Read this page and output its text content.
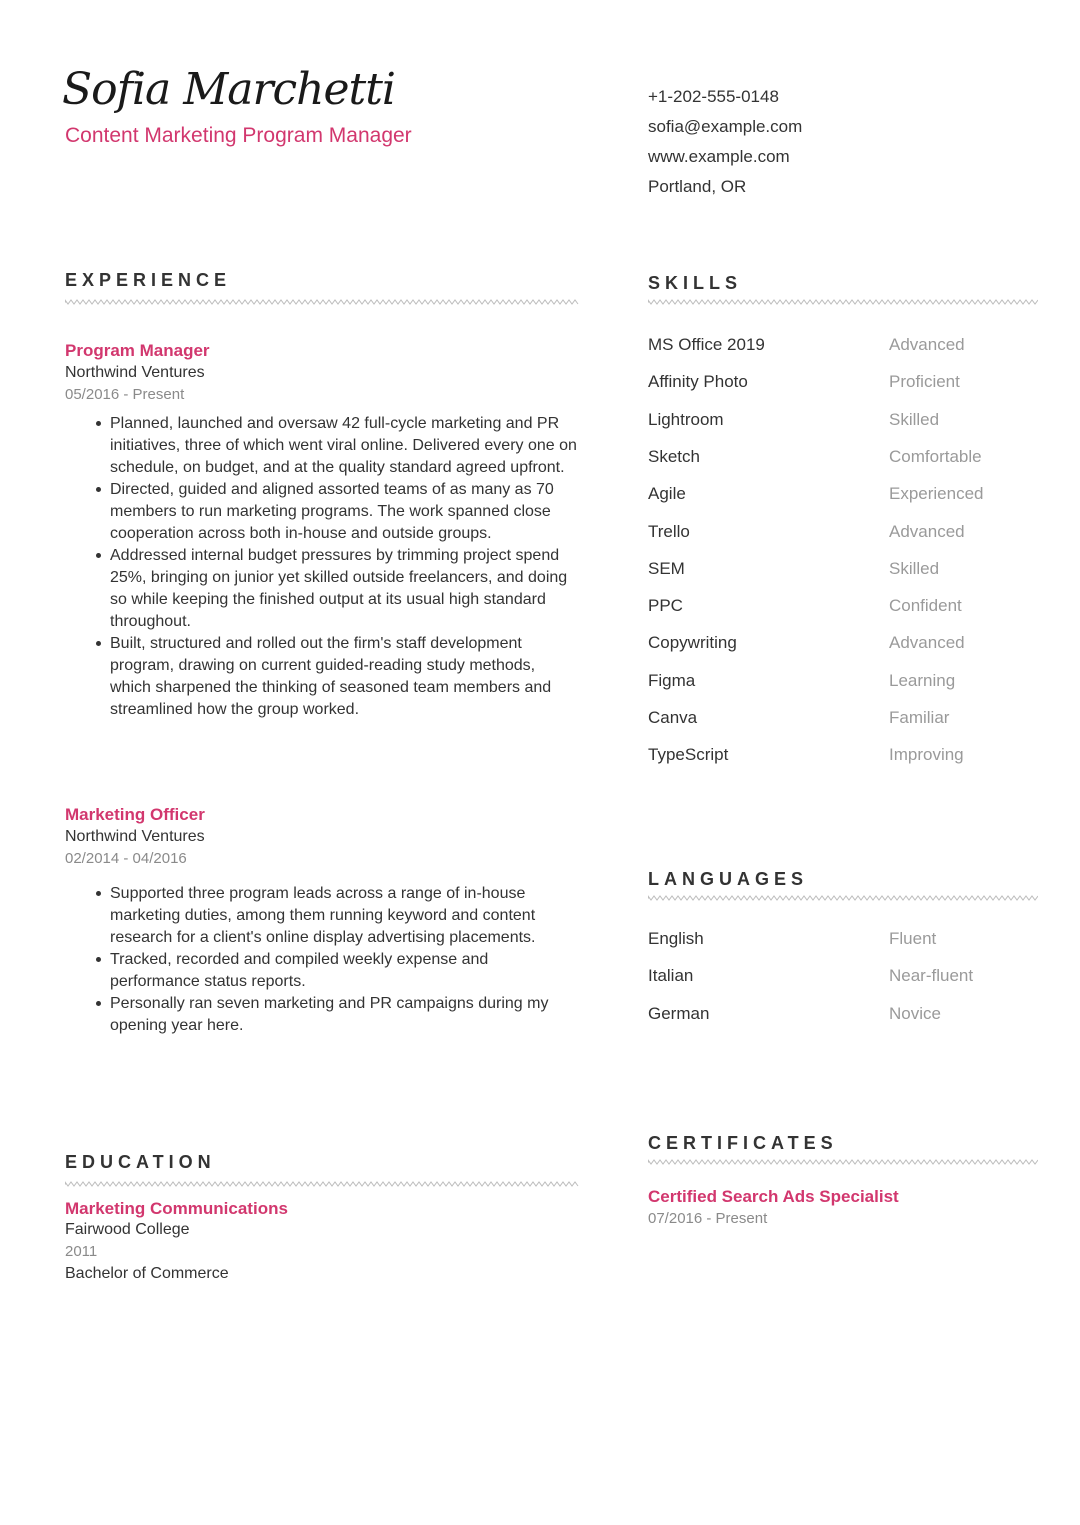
Sofia Marchetti
Content Marketing Program Manager
+1-202-555-0148
sofia@example.com
www.example.com
Portland, OR
EXPERIENCE
Program Manager
Northwind Ventures
05/2016 - Present
Planned, launched and oversaw 42 full-cycle marketing and PR initiatives, three of which went viral online. Delivered every one on schedule, on budget, and at the quality standard agreed upfront.
Directed, guided and aligned assorted teams of as many as 70 members to run marketing programs. The work spanned close cooperation across both in-house and outside groups.
Addressed internal budget pressures by trimming project spend 25%, bringing on junior yet skilled outside freelancers, and doing so while keeping the finished output at its usual high standard throughout.
Built, structured and rolled out the firm's staff development program, drawing on current guided-reading study methods, which sharpened the thinking of seasoned team members and streamlined how the group worked.
Marketing Officer
Northwind Ventures
02/2014 - 04/2016
Supported three program leads across a range of in-house marketing duties, among them running keyword and content research for a client's online display advertising placements.
Tracked, recorded and compiled weekly expense and performance status reports.
Personally ran seven marketing and PR campaigns during my opening year here.
EDUCATION
Marketing Communications
Fairwood College
2011
Bachelor of Commerce
SKILLS
MS Office 2019	Advanced
Affinity Photo	Proficient
Lightroom	Skilled
Sketch	Comfortable
Agile	Experienced
Trello	Advanced
SEM	Skilled
PPC	Confident
Copywriting	Advanced
Figma	Learning
Canva	Familiar
TypeScript	Improving
LANGUAGES
English	Fluent
Italian	Near-fluent
German	Novice
CERTIFICATES
Certified Search Ads Specialist
07/2016 - Present
